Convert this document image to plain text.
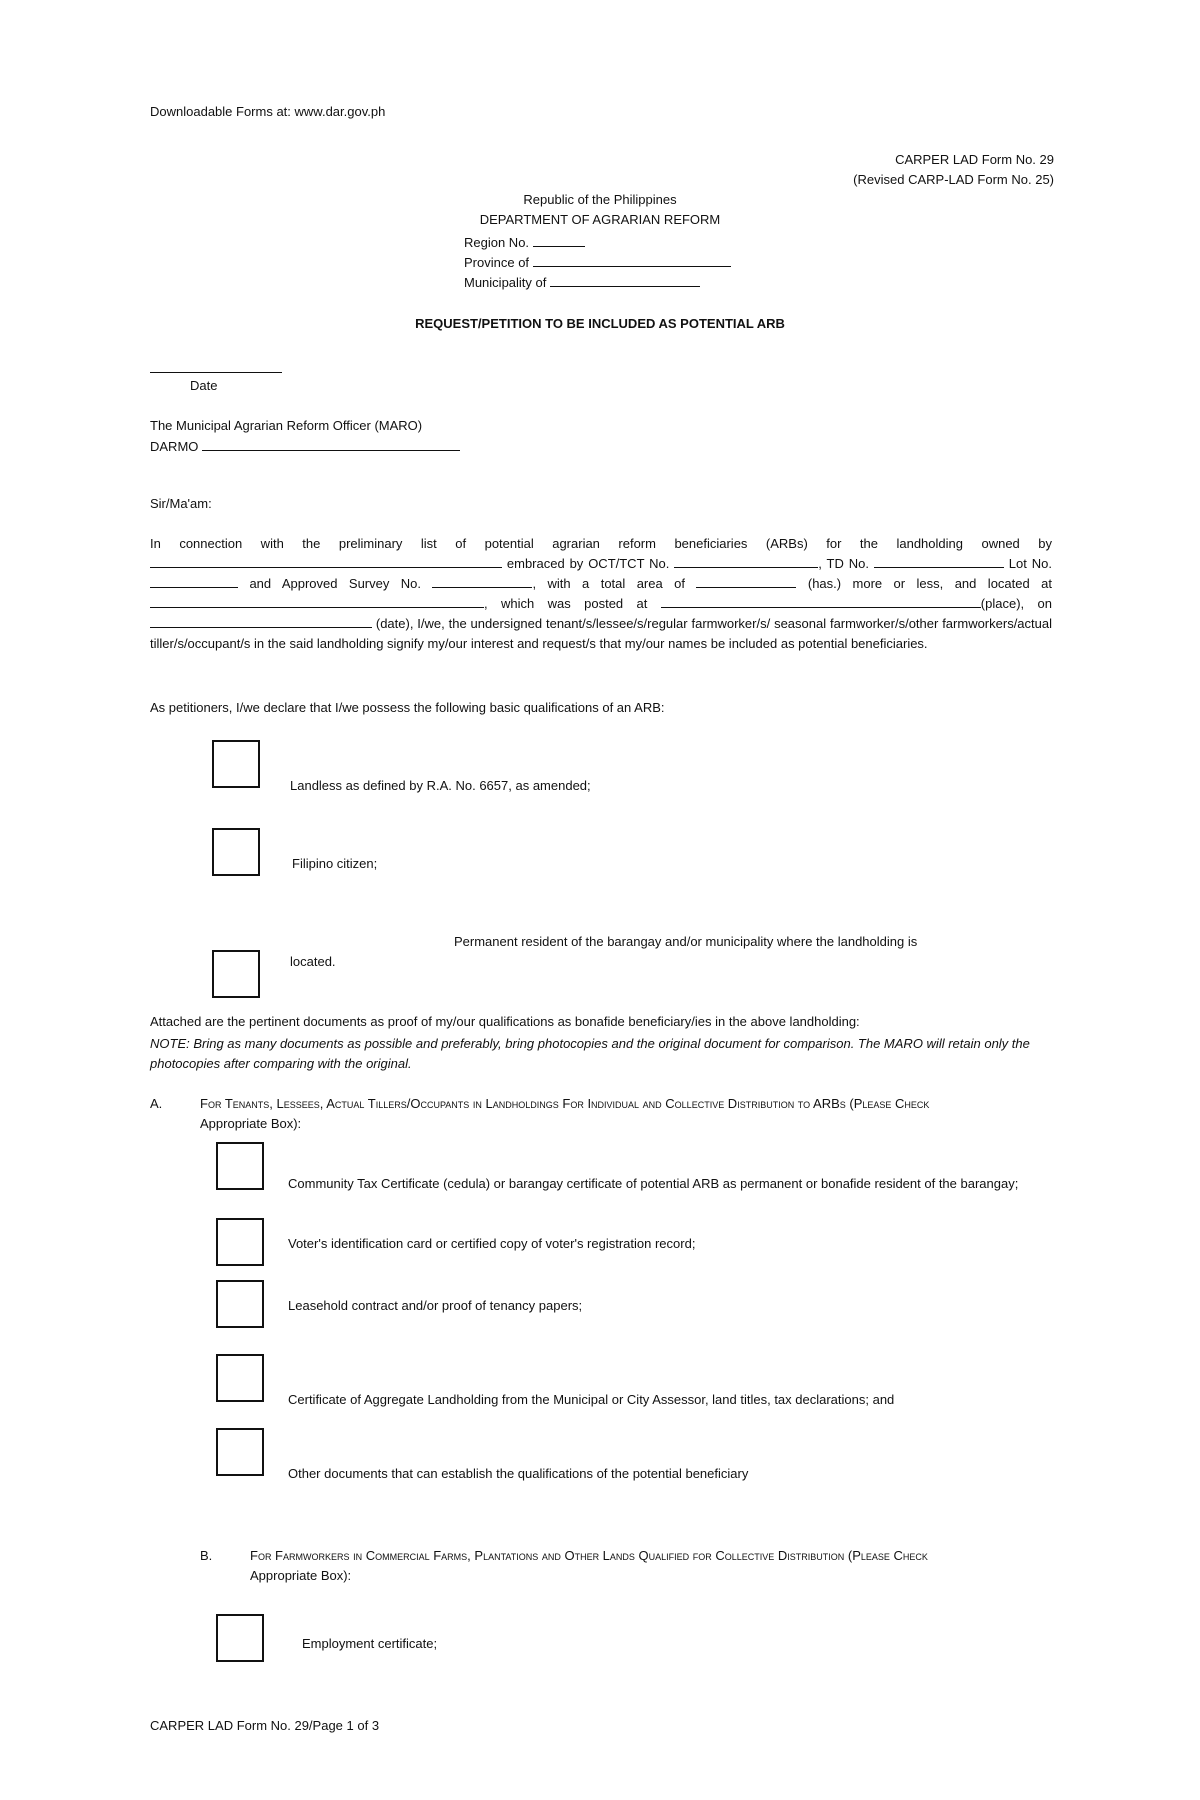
Downloadable Forms at: www.dar.gov.ph
CARPER LAD Form No. 29
(Revised CARP-LAD Form No. 25)
Republic of the Philippines
DEPARTMENT OF AGRARIAN REFORM
Region No.
Province of
Municipality of
REQUEST/PETITION TO BE INCLUDED AS POTENTIAL ARB
Date
The Municipal Agrarian Reform Officer (MARO)
DARMO
Sir/Ma'am:
In connection with the preliminary list of potential agrarian reform beneficiaries (ARBs) for the landholding owned by  embraced by OCT/TCT No.	, TD No.	Lot No.  and Approved Survey No.	, with a total area of	(has.) more or less, and located at , which was posted at	(place), on  (date), I/we, the undersigned tenant/s/lessee/s/regular farmworker/s/ seasonal farmworker/s/other farmworkers/actual tiller/s/occupant/s in the said landholding signify my/our interest and request/s that my/our names be included as potential beneficiaries.
As petitioners, I/we declare that I/we possess the following basic qualifications of an ARB:
Landless as defined by R.A. No. 6657, as amended;
Filipino citizen;
Permanent resident of the barangay and/or municipality where the landholding is
located.
Attached are the pertinent documents as proof of my/our qualifications as bonafide beneficiary/ies in the above landholding:
NOTE: Bring as many documents as possible and preferably, bring photocopies and the original document for comparison. The MARO will retain only the photocopies after comparing with the original.
A.	For Tenants, Lessees, Actual Tillers/Occupants in Landholdings For Individual and Collective Distribution to ARBs (Please Check
Appropriate Box):
Community Tax Certificate (cedula) or barangay certificate of potential ARB as permanent or bonafide resident of the barangay;
Voter's identification card or certified copy of voter's registration record;
Leasehold contract and/or proof of tenancy papers;
Certificate of Aggregate Landholding from the Municipal or City Assessor, land titles, tax declarations; and
Other documents that can establish the qualifications of the potential beneficiary
B.	For Farmworkers in Commercial Farms, Plantations and Other Lands Qualified for Collective Distribution (Please Check
Appropriate Box):
Employment certificate;
CARPER LAD Form No. 29/Page 1 of 3
